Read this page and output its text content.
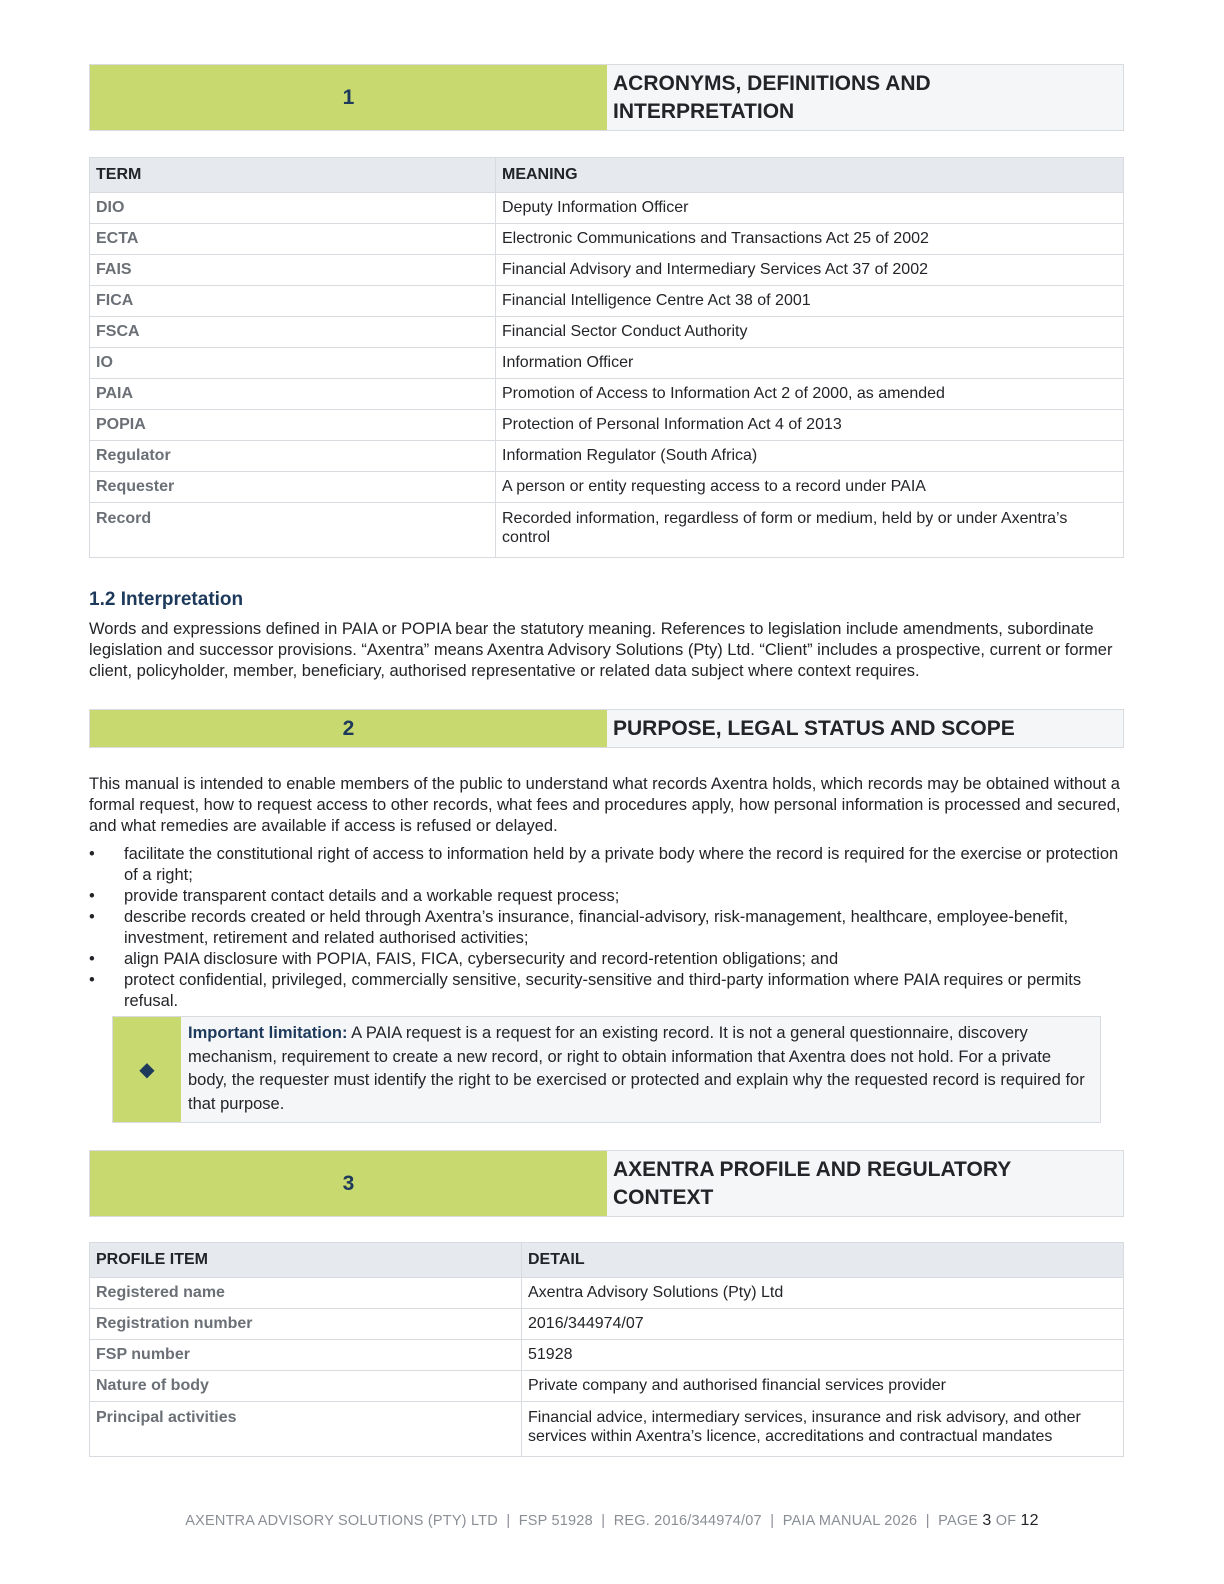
1
ACRONYMS, DEFINITIONS AND INTERPRETATION
TERM	MEANING
DIO	Deputy Information Officer
ECTA	Electronic Communications and Transactions Act 25 of 2002
FAIS	Financial Advisory and Intermediary Services Act 37 of 2002
FICA	Financial Intelligence Centre Act 38 of 2001
FSCA	Financial Sector Conduct Authority
IO	Information Officer
PAIA	Promotion of Access to Information Act 2 of 2000, as amended
POPIA	Protection of Personal Information Act 4 of 2013
Regulator	Information Regulator (South Africa)
Requester	A person or entity requesting access to a record under PAIA
Record	Recorded information, regardless of form or medium, held by or under Axentra’s control
1.2 Interpretation

Words and expressions defined in PAIA or POPIA bear the statutory meaning. References to legislation include amendments, subordinate legislation and successor provisions. “Axentra” means Axentra Advisory Solutions (Pty) Ltd. “Client” includes a prospective, current or former client, policyholder, member, beneficiary, authorised representative or related data subject where context requires.

2	PURPOSE, LEGAL STATUS AND SCOPE

This manual is intended to enable members of the public to understand what records Axentra holds, which records may be obtained without a formal request, how to request access to other records, what fees and procedures apply, how personal information is processed and secured, and what remedies are available if access is refused or delayed.

• facilitate the constitutional right of access to information held by a private body where the record is required for the exercise or protection of a right;
• provide transparent contact details and a workable request process;
• describe records created or held through Axentra’s insurance, financial-advisory, risk-management, healthcare, employee-benefit, investment, retirement and related authorised activities;
• align PAIA disclosure with POPIA, FAIS, FICA, cybersecurity and record-retention obligations; and
• protect confidential, privileged, commercially sensitive, security-sensitive and third-party information where PAIA requires or permits refusal.
◆
Important limitation: A PAIA request is a request for an existing record. It is not a general questionnaire, discovery mechanism, requirement to create a new record, or right to obtain information that Axentra does not hold. For a private body, the requester must identify the right to be exercised or protected and explain why the requested record is required for that purpose.
3
AXENTRA PROFILE AND REGULATORY CONTEXT
PROFILE ITEM	DETAIL
Registered name	Axentra Advisory Solutions (Pty) Ltd
Registration number	2016/344974/07
FSP number	51928
Nature of body	Private company and authorised financial services provider
Principal activities	Financial advice, intermediary services, insurance and risk advisory, and other services within Axentra’s licence, accreditations and contractual mandates
AXENTRA ADVISORY SOLUTIONS (PTY) LTD  |  FSP 51928  |  REG. 2016/344974/07  |  PAIA MANUAL 2026  |  PAGE 3 OF 12
